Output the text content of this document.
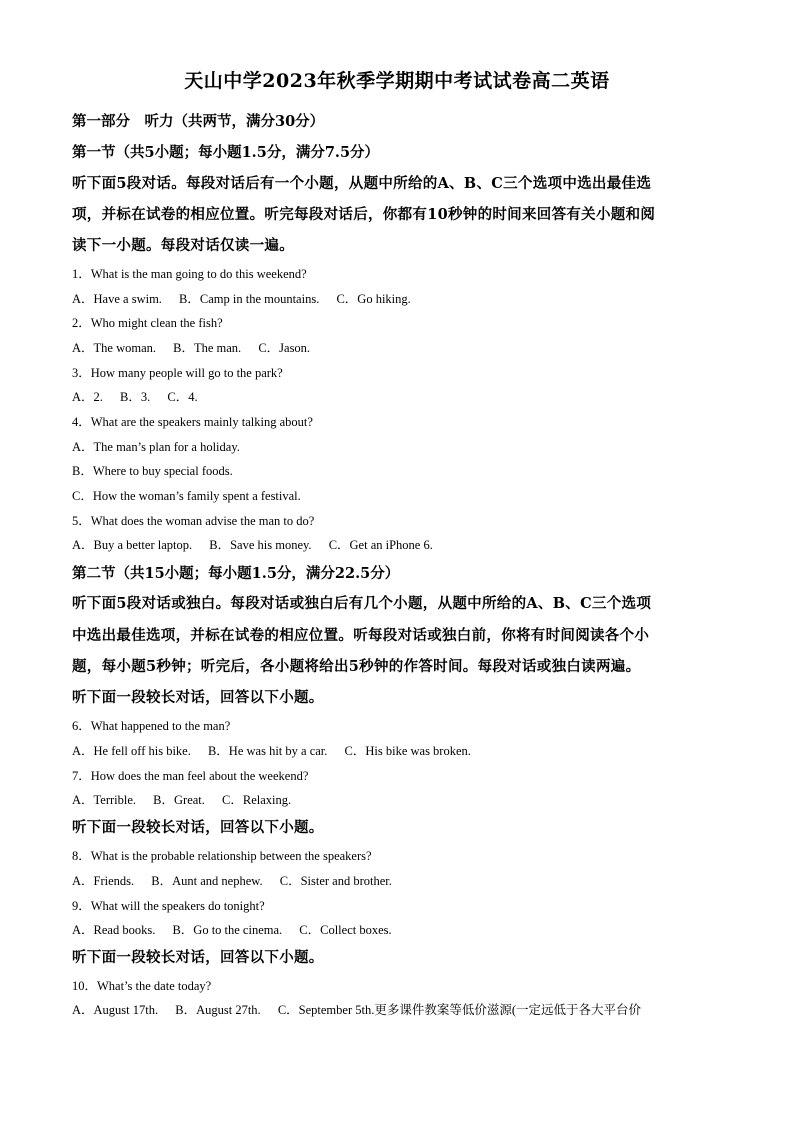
天山中学2023年秋季学期期中考试试卷高二英语
第一部分　听力（共两节，满分30分）
第一节（共5小题；每小题1.5分，满分7.5分）
听下面5段对话。每段对话后有一个小题，从题中所给的A、B、C三个选项中选出最佳选
项，并标在试卷的相应位置。听完每段对话后，你都有10秒钟的时间来回答有关小题和阅
读下一小题。每段对话仅读一遍。
1．What is the man going to do this weekend?
A．Have a swim. B．Camp in the mountains. C．Go hiking.
2．Who might clean the fish?
A．The woman. B．The man. C．Jason.
3．How many people will go to the park?
A．2. B．3. C．4.
4．What are the speakers mainly talking about?
A．The man’s plan for a holiday.
B．Where to buy special foods.
C．How the woman’s family spent a festival.
5．What does the woman advise the man to do?
A．Buy a better laptop. B．Save his money. C．Get an iPhone 6.
第二节（共15小题；每小题1.5分，满分22.5分）
听下面5段对话或独白。每段对话或独白后有几个小题，从题中所给的A、B、C三个选项
中选出最佳选项，并标在试卷的相应位置。听每段对话或独白前，你将有时间阅读各个小
题，每小题5秒钟；听完后，各小题将给出5秒钟的作答时间。每段对话或独白读两遍。
听下面一段较长对话，回答以下小题。
6．What happened to the man?
A．He fell off his bike. B．He was hit by a car. C．His bike was broken.
7．How does the man feel about the weekend?
A．Terrible. B．Great. C．Relaxing.
听下面一段较长对话，回答以下小题。
8．What is the probable relationship between the speakers?
A．Friends. B．Aunt and nephew. C．Sister and brother.
9．What will the speakers do tonight?
A．Read books. B．Go to the cinema. C．Collect boxes.
听下面一段较长对话，回答以下小题。
10．What’s the date today?
A．August 17th. B．August 27th. C．September 5th.更多课件教案等低价滋源(一定远低于各大平台价
